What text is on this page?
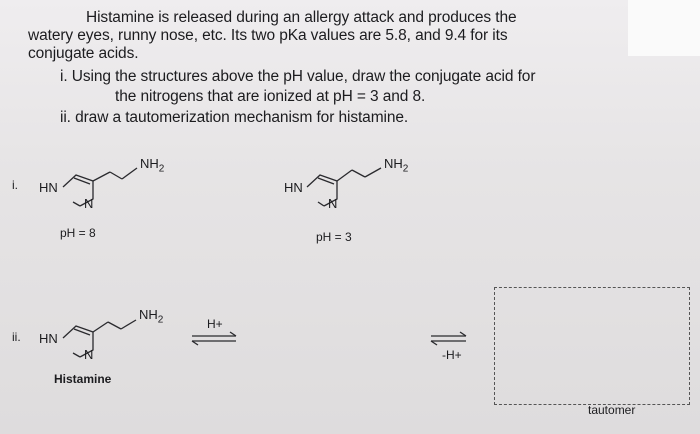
Histamine is released during an allergy attack and produces the
watery eyes, runny nose, etc. Its two pKa values are 5.8, and 9.4 for its
conjugate acids.
i. Using the structures above the pH value, draw the conjugate acid for
the nitrogens that are ionized at pH = 3 and 8.
ii. draw a tautomerization mechanism for histamine.
i. HN
N
$NH_2$
pH = 8
HN
N
$NH_2$
pH = 3
ii. HN
N
$NH_2$
Histamine
H+
-H+
tautomer
